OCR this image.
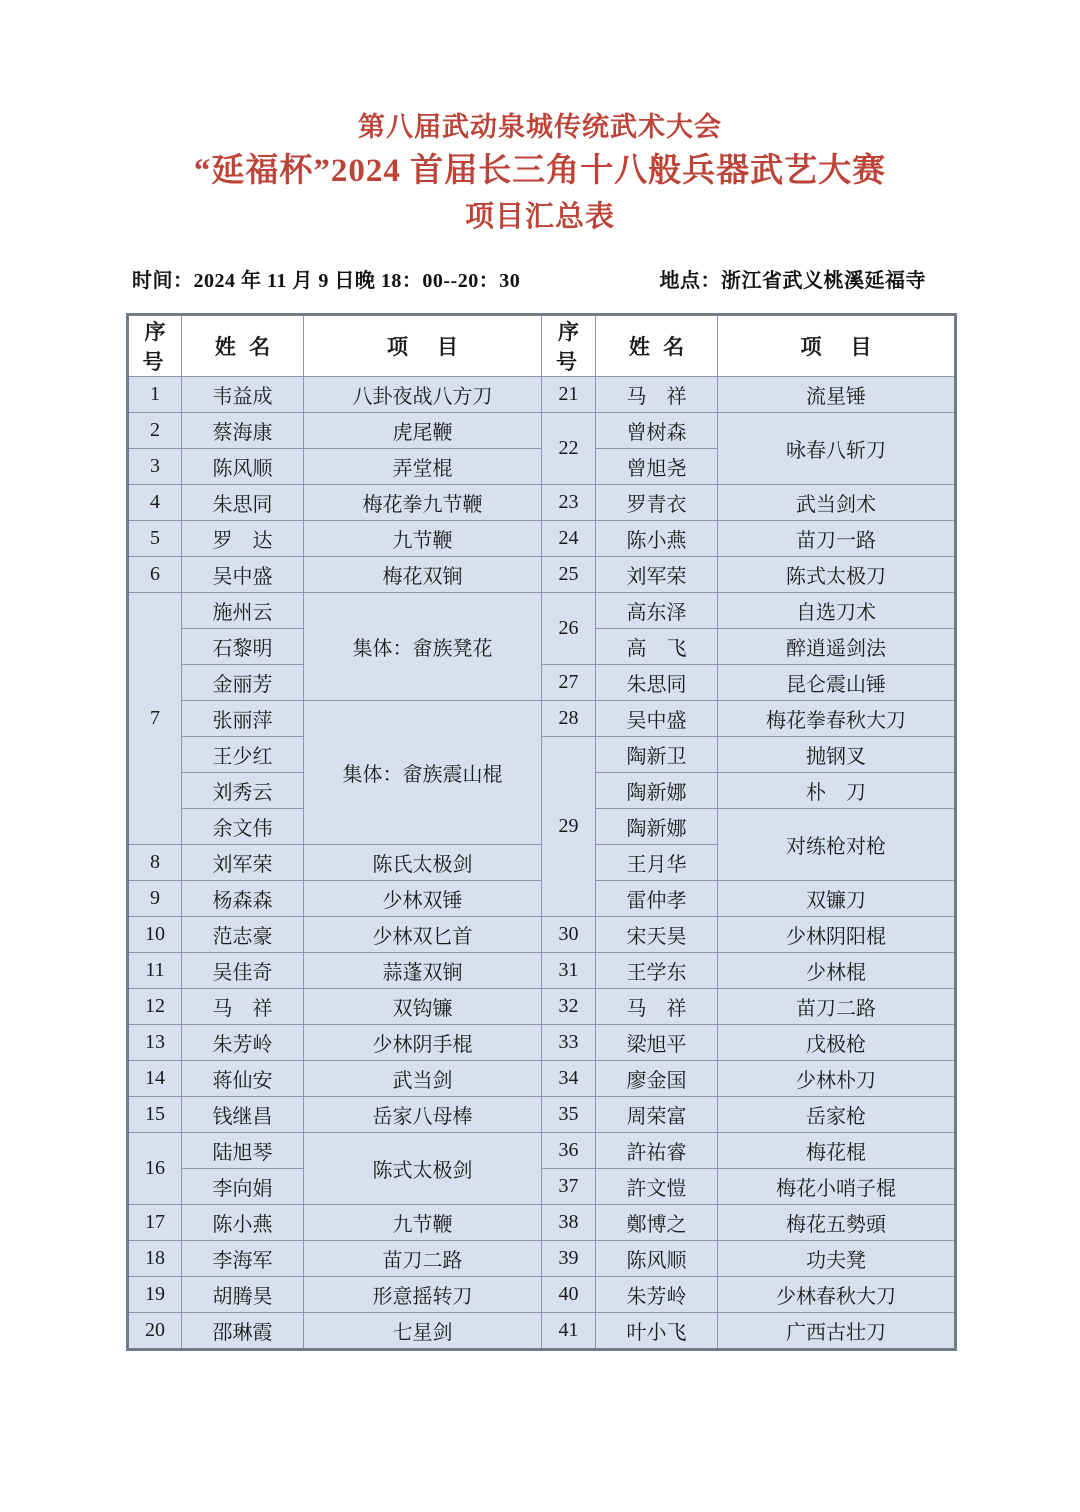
第八届武动泉城传统武术大会
“延福杯”2024 首届长三角十八般兵器武艺大赛
项目汇总表
时间：2024 年 11 月 9 日晚 18：00--20：30	地点：浙江省武义桃溪延福寺
序号	姓 名	项　目	序号	姓 名	项　目
1	韦益成	八卦夜战八方刀	21	马　祥	流星锤
2	蔡海康	虎尾鞭	22	曾树森	咏春八斩刀
3	陈风顺	弄堂棍		曾旭尧	
4	朱思同	梅花拳九节鞭	23	罗青衣	武当剑术
5	罗　达	九节鞭	24	陈小燕	苗刀一路
6	吴中盛	梅花双锏	25	刘军荣	陈式太极刀
7	施州云	集体：畲族凳花	26	高东泽	自选刀术
	石黎明			高　飞	醉逍遥剑法
	金丽芳		27	朱思同	昆仑震山锤
	张丽萍	集体：畲族震山棍	28	吴中盛	梅花拳春秋大刀
	王少红		29	陶新卫	抛钢叉
	刘秀云			陶新娜	朴　刀
	余文伟			陶新娜	对练枪对枪
8	刘军荣	陈氏太极剑		王月华	
9	杨森森	少林双锤		雷仲孝	双镰刀
10	范志豪	少林双匕首	30	宋天昊	少林阴阳棍
11	吴佳奇	蒜蓬双锏	31	王学东	少林棍
12	马　祥	双钩镰	32	马　祥	苗刀二路
13	朱芳岭	少林阴手棍	33	梁旭平	戊极枪
14	蒋仙安	武当剑	34	廖金国	少林朴刀
15	钱继昌	岳家八母棒	35	周荣富	岳家枪
16	陆旭琴	陈式太极剑	36	許祐睿	梅花棍
	李向娟		37	許文愷	梅花小哨子棍
17	陈小燕	九节鞭	38	鄭博之	梅花五勢頭
18	李海军	苗刀二路	39	陈风顺	功夫凳
19	胡腾昊	形意摇转刀	40	朱芳岭	少林春秋大刀
20	邵琳霞	七星剑	41	叶小飞	广西古壮刀
